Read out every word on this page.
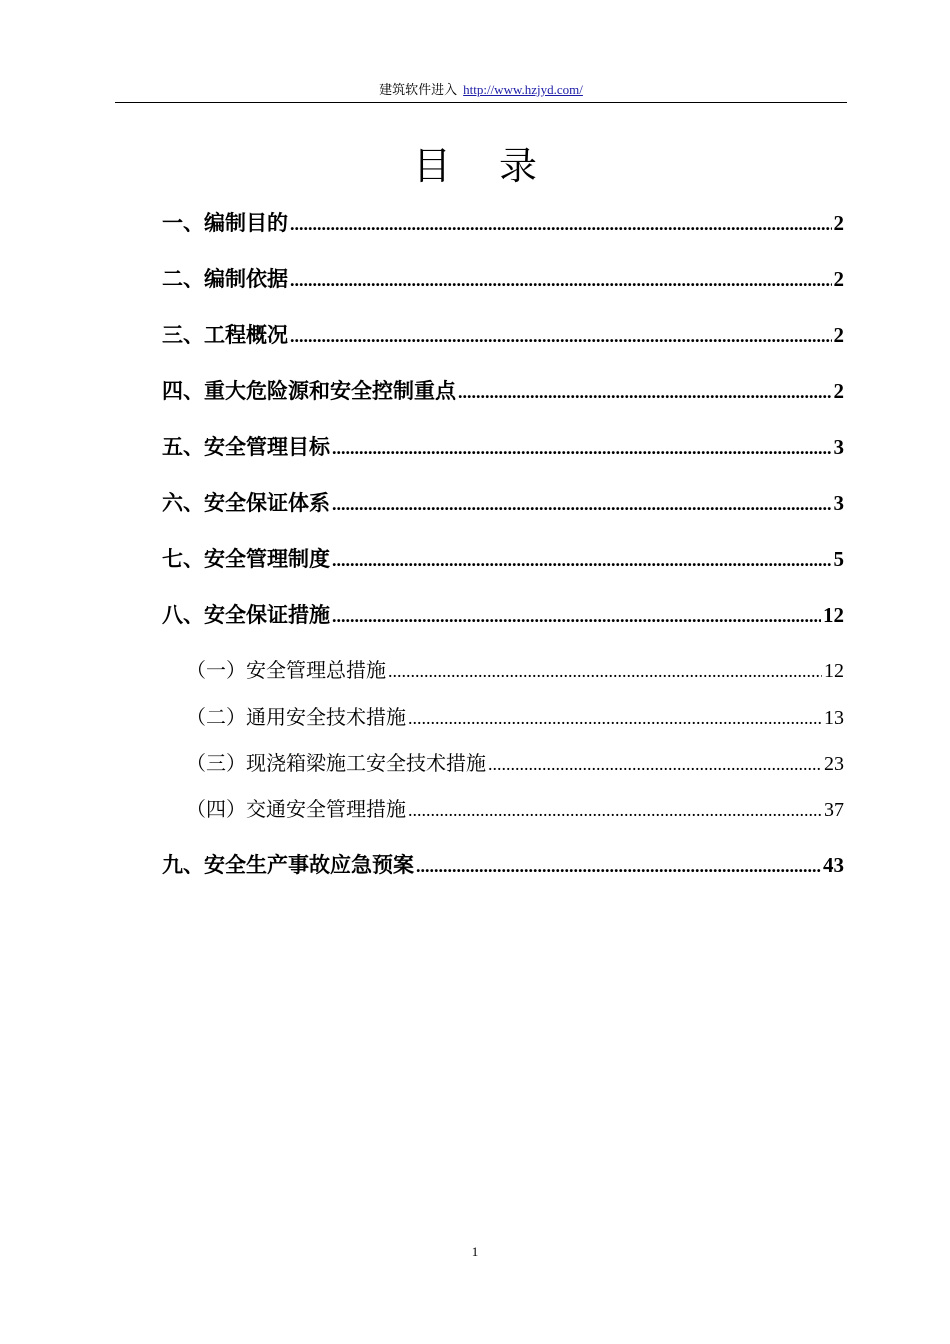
建筑软件进入 http://www.hzjyd.com/
目录
一、编制目的 .....	2
二、编制依据 .....	2
三、工程概况 .....	2
四、重大危险源和安全控制重点 .....	2
五、安全管理目标 .....	3
六、安全保证体系 .....	3
七、安全管理制度 .....	5
八、安全保证措施 .....	12
（一）安全管理总措施 .....	12
（二）通用安全技术措施 .....	13
（三）现浇箱梁施工安全技术措施 .....	23
（四）交通安全管理措施 .....	37
九、安全生产事故应急预案 .....	43
1
